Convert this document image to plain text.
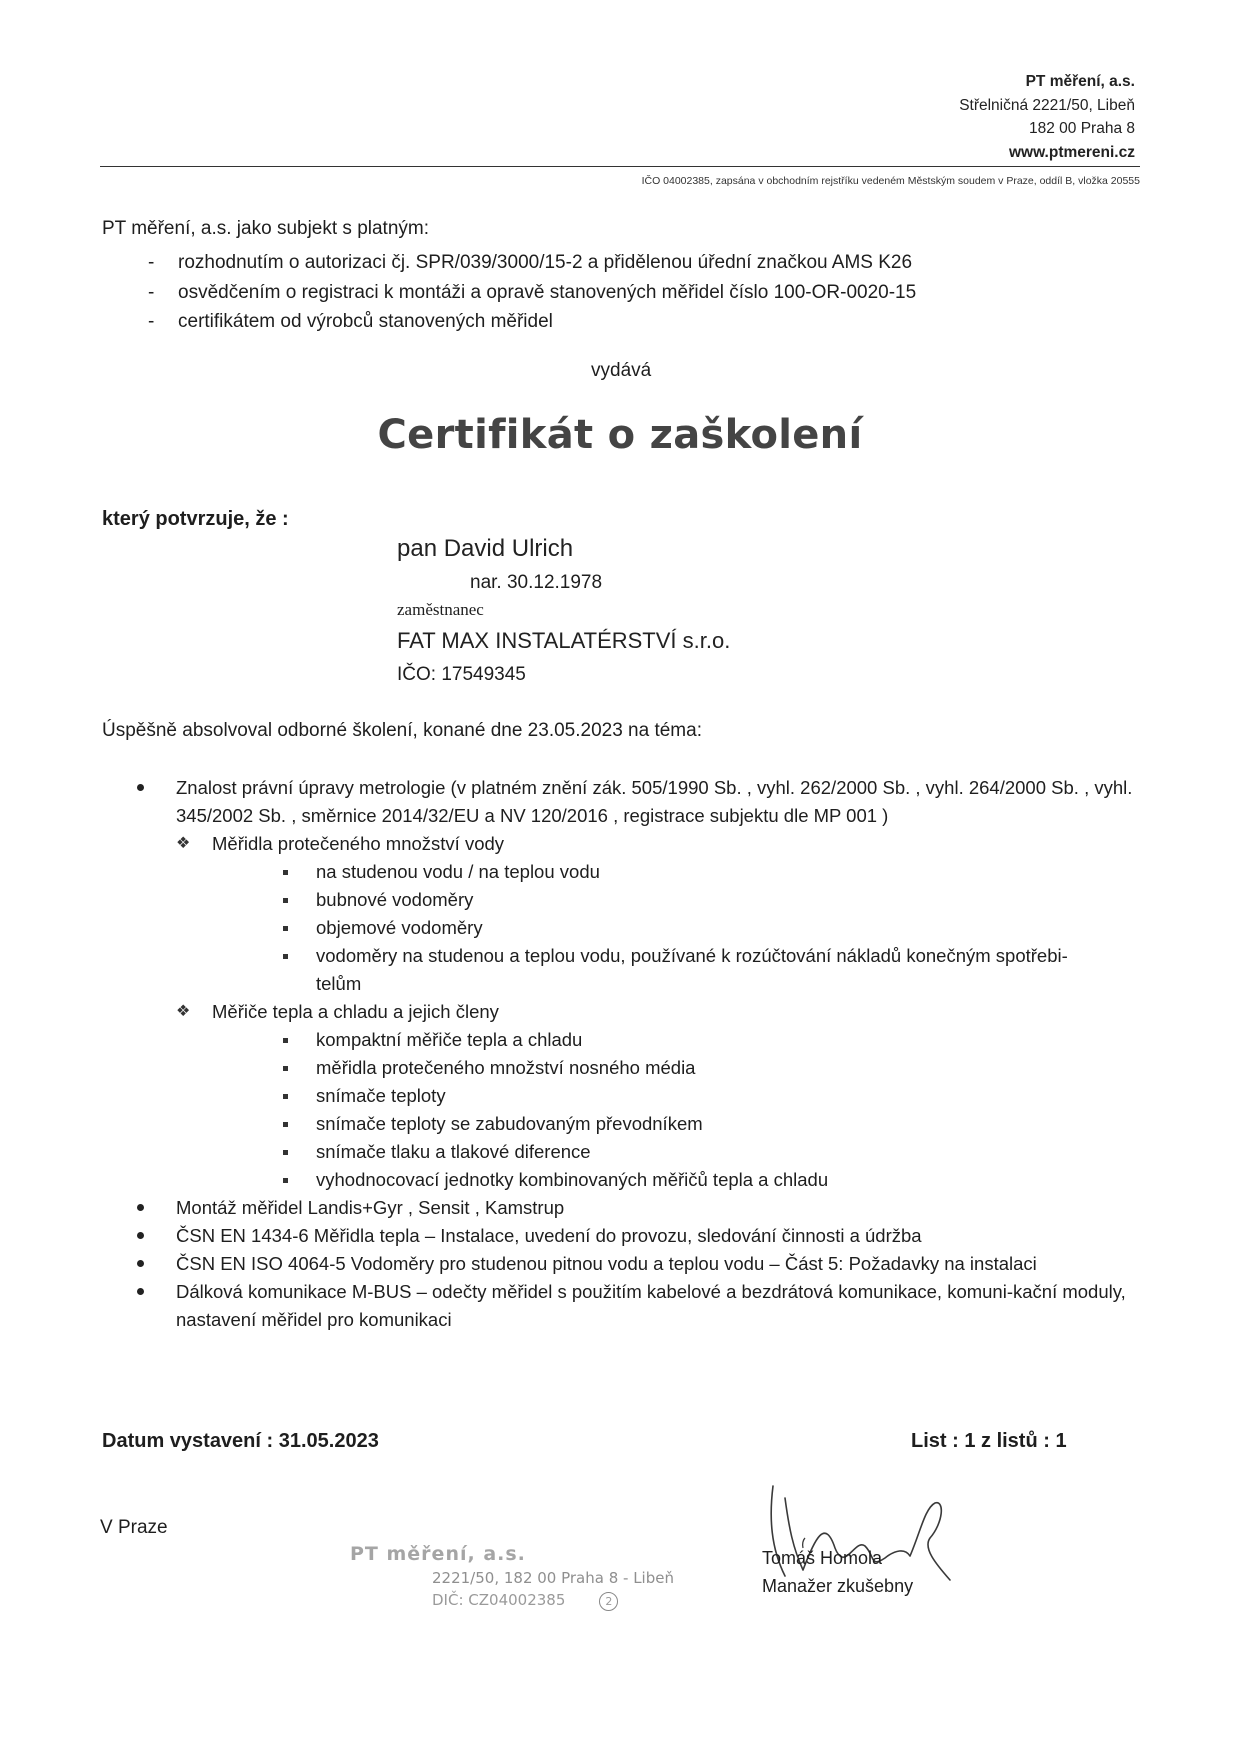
PT měření, a.s.
Střelničná 2221/50, Libeň
182 00 Praha 8
www.ptmereni.cz
IČO 04002385, zapsána v obchodním rejstříku vedeném Městským soudem v Praze, oddíl B, vložka 20555
PT měření, a.s. jako subjekt s platným:
- rozhodnutím o autorizaci čj. SPR/039/3000/15-2 a přidělenou úřední značkou AMS K26
- osvědčením o registraci k montáži a opravě stanovených měřidel číslo 100-OR-0020-15
- certifikátem od výrobců stanovených měřidel
vydává
Certifikát o zaškolení
který potvrzuje, že :
pan David Ulrich
nar. 30.12.1978
zaměstnanec
FAT MAX INSTALATÉRSTVÍ s.r.o.
IČO: 17549345
Úspěšně absolvoval odborné školení, konané dne 23.05.2023 na téma:
Znalost právní úpravy metrologie (v platném znění zák. 505/1990 Sb. , vyhl. 262/2000 Sb. , vyhl. 264/2000 Sb. , vyhl. 345/2002 Sb. , směrnice 2014/32/EU a NV 120/2016 , registrace subjektu dle MP 001 )
❖ Měřidla protečeného množství vody
na studenou vodu / na teplou vodu
bubnové vodoměry
objemové vodoměry
vodoměry na studenou a teplou vodu, používané k rozúčtování nákladů konečným spotřebi-telům
❖ Měřiče tepla a chladu a jejich členy
kompaktní měřiče tepla a chladu
měřidla protečeného množství nosného média
snímače teploty
snímače teploty se zabudovaným převodníkem
snímače tlaku a tlakové diference
vyhodnocovací jednotky kombinovaných měřičů tepla a chladu
Montáž měřidel Landis+Gyr , Sensit , Kamstrup
ČSN EN 1434-6 Měřidla tepla – Instalace, uvedení do provozu, sledování činnosti a údržba
ČSN EN ISO 4064-5 Vodoměry pro studenou pitnou vodu a teplou vodu – Část 5: Požadavky na instalaci
Dálková komunikace M-BUS – odečty měřidel s použitím kabelové a bezdrátová komunikace, komuni-kační moduly, nastavení měřidel pro komunikaci
Datum vystavení : 31.05.2023	List : 1 z listů : 1
V Praze
PT měření, a.s.
2221/50, 182 00 Praha 8 - Libeň
DIČ: CZ04002385	2
Tomáš Homola
Manažer zkušebny
